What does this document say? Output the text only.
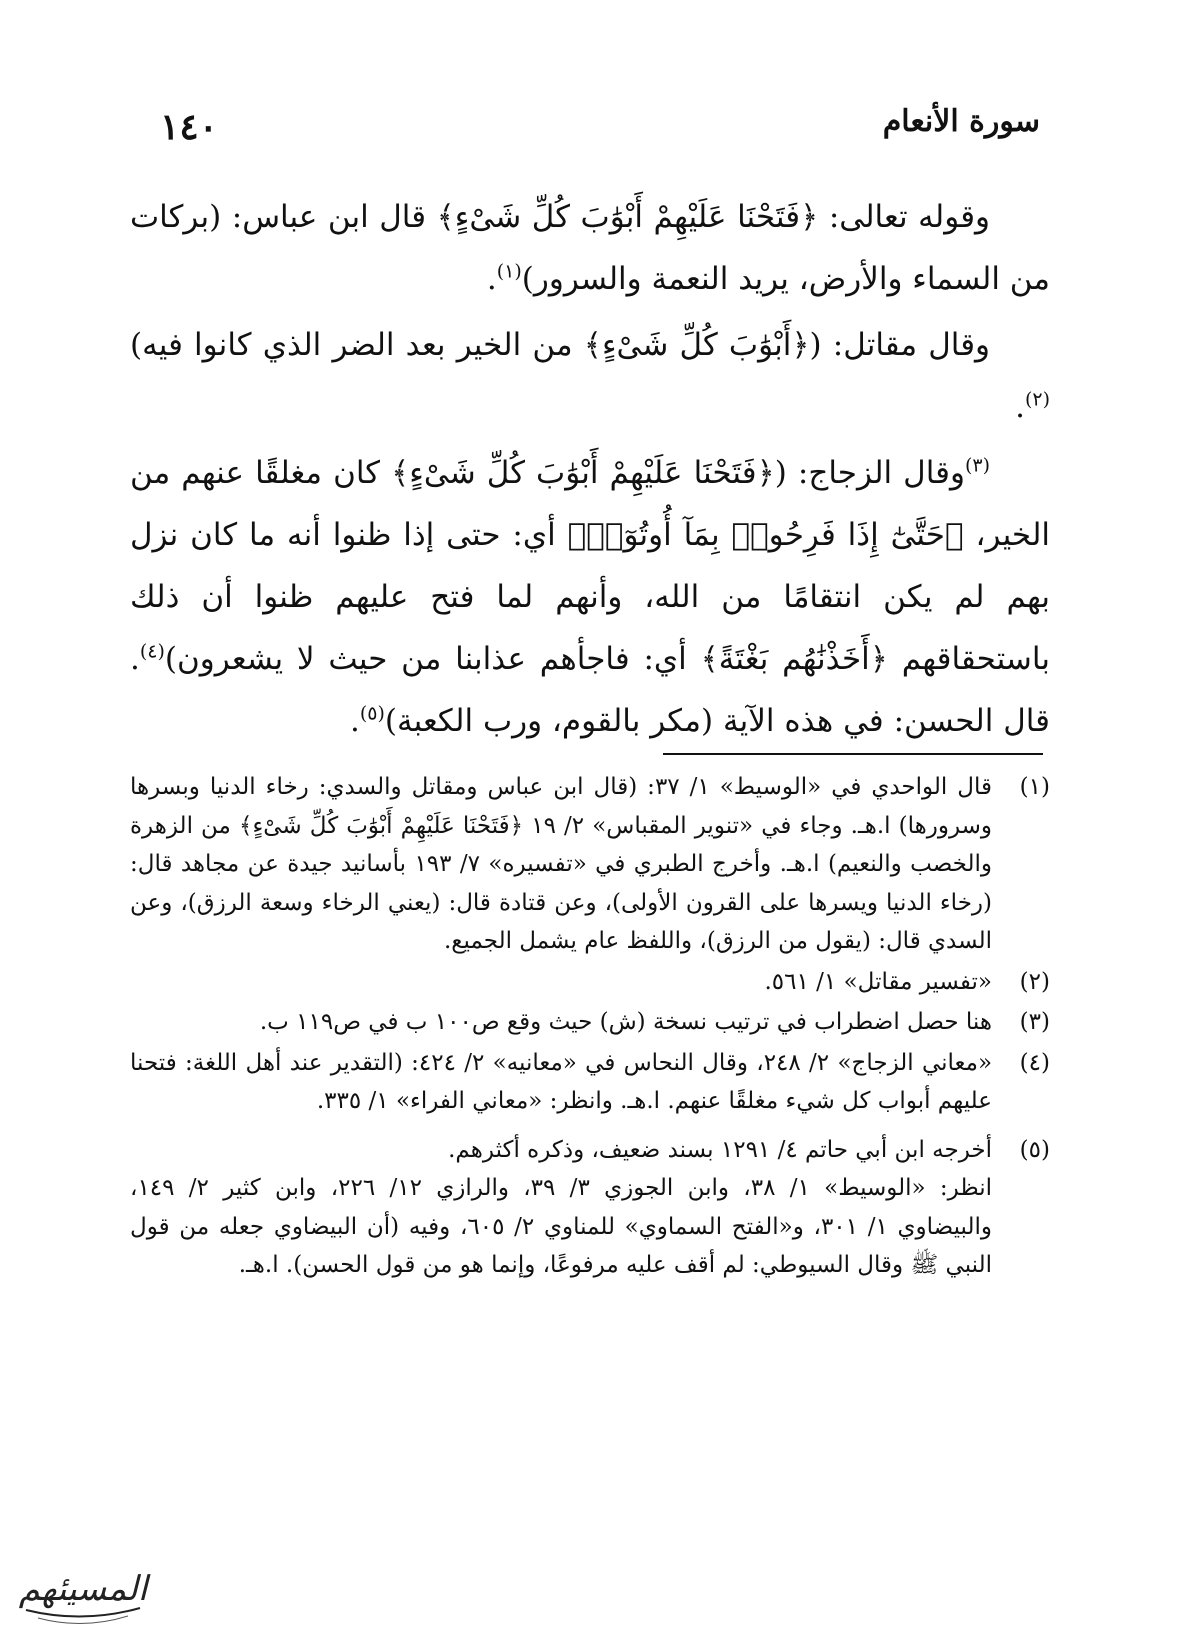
١٤٠	سورة الأنعام

وقوله تعالى: ﴿فَتَحْنَا عَلَيْهِمْ أَبْوَٰبَ كُلِّ شَىْءٍ﴾ قال ابن عباس: (بركات من السماء والأرض، يريد النعمة والسرور)$^{(١)}$.

وقال مقاتل: (﴿أَبْوَٰبَ كُلِّ شَىْءٍ﴾ من الخير بعد الضر الذي كانوا فيه)$^{(٢)}$.

$^{(٣)}$وقال الزجاج: (﴿فَتَحْنَا عَلَيْهِمْ أَبْوَٰبَ كُلِّ شَىْءٍ﴾ كان مغلقًا عنهم من الخير، ﴿حَتَّىٰٓ إِذَا فَرِحُوا۟ بِمَآ أُوتُوٓا۟﴾ أي: حتى إذا ظنوا أنه ما كان نزل بهم لم يكن انتقامًا من الله، وأنهم لما فتح عليهم ظنوا أن ذلك باستحقاقهم ﴿أَخَذْنَٰهُم بَغْتَةً﴾ أي: فاجأهم عذابنا من حيث لا يشعرون)$^{(٤)}$. قال الحسن: في هذه الآية (مكر بالقوم، ورب الكعبة)$^{(٥)}$.

(١)
قال الواحدي في «الوسيط» ١/ ٣٧: (قال ابن عباس ومقاتل والسدي: رخاء الدنيا وبسرها وسرورها) ا.هـ. وجاء في «تنوير المقباس» ٢/ ١٩ ﴿فَتَحْنَا عَلَيْهِمْ أَبْوَٰبَ كُلِّ شَىْءٍ﴾ من الزهرة والخصب والنعيم) ا.هـ. وأخرج الطبري في «تفسيره» ٧/ ١٩٣ بأسانيد جيدة عن مجاهد قال: (رخاء الدنيا ويسرها على القرون الأولى)، وعن قتادة قال: (يعني الرخاء وسعة الرزق)، وعن السدي قال: (يقول من الرزق)، واللفظ عام يشمل الجميع.
(٢)
«تفسير مقاتل» ١/ ٥٦١.
(٣)
هنا حصل اضطراب في ترتيب نسخة (ش) حيث وقع ص١٠٠ ب في ص١١٩ ب.
(٤)
«معاني الزجاج» ٢/ ٢٤٨، وقال النحاس في «معانيه» ٢/ ٤٢٤: (التقدير عند أهل اللغة: فتحنا عليهم أبواب كل شيء مغلقًا عنهم. ا.هـ. وانظر: «معاني الفراء» ١/ ٣٣٥.
(٥)

أخرجه ابن أبي حاتم ٤/ ١٢٩١ بسند ضعيف، وذكره أكثرهم.

انظر: «الوسيط» ١/ ٣٨، وابن الجوزي ٣/ ٣٩، والرازي ١٢/ ٢٢٦، وابن كثير ٢/ ١٤٩، والبيضاوي ١/ ٣٠١، و«الفتح السماوي» للمناوي ٢/ ٦٠٥، وفيه (أن البيضاوي جعله من قول النبي ﷺ وقال السيوطي: لم أقف عليه مرفوعًا، وإنما هو من قول الحسن). ا.هـ.

المسيئهم
